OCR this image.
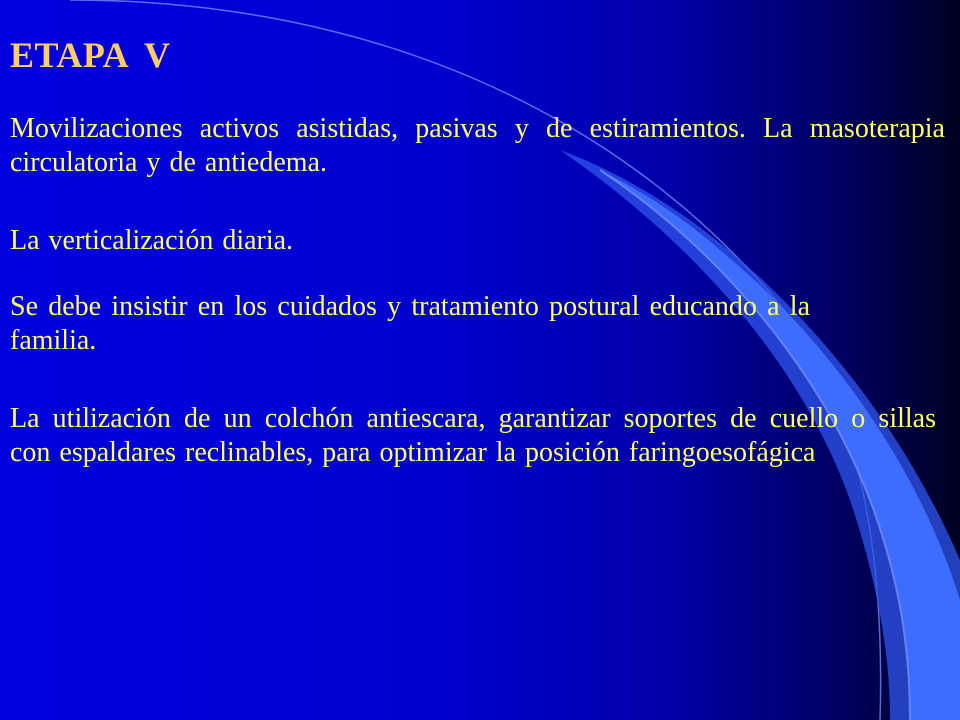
ETAPA V

Movilizaciones activos asistidas, pasivas y de estiramientos. La masoterapia circulatoria y de antiedema.

La verticalización diaria.

Se debe insistir en los cuidados y tratamiento postural educando a la familia.

La utilización de un colchón antiescara, garantizar soportes de cuello o sillas con espaldares reclinables, para optimizar la posición faringoesofágica
